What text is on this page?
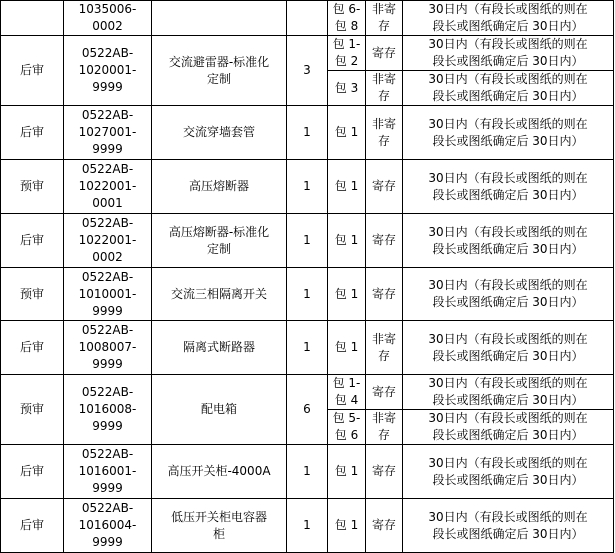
	1035006-
0002			包 6-
包 8	非寄
存	30日内（有段长或图纸的则在
段长或图纸确定后 30日内）
后审	0522AB-
1020001-
9999	交流避雷器-标准化
定制	3	包 1-
包 2	寄存	30日内（有段长或图纸的则在
段长或图纸确定后 30日内）
				包 3	非寄
存	30日内（有段长或图纸的则在
段长或图纸确定后 30日内）
后审	0522AB-
1027001-
9999	交流穿墙套管	1	包 1	非寄
存	30日内（有段长或图纸的则在
段长或图纸确定后 30日内）
预审	0522AB-
1022001-
0001	高压熔断器	1	包 1	寄存	30日内（有段长或图纸的则在
段长或图纸确定后 30日内）
后审	0522AB-
1022001-
0002	高压熔断器-标准化
定制	1	包 1	寄存	30日内（有段长或图纸的则在
段长或图纸确定后 30日内）
预审	0522AB-
1010001-
9999	交流三相隔离开关	1	包 1	寄存	30日内（有段长或图纸的则在
段长或图纸确定后 30日内）
后审	0522AB-
1008007-
9999	隔离式断路器	1	包 1	非寄
存	30日内（有段长或图纸的则在
段长或图纸确定后 30日内）
预审	0522AB-
1016008-
9999	配电箱	6	包 1-
包 4	寄存	30日内（有段长或图纸的则在
段长或图纸确定后 30日内）
				包 5-
包 6	非寄
存	30日内（有段长或图纸的则在
段长或图纸确定后 30日内）
后审	0522AB-
1016001-
9999	高压开关柜-4000A	1	包 1	寄存	30日内（有段长或图纸的则在
段长或图纸确定后 30日内）
后审	0522AB-
1016004-
9999	低压开关柜电容器
柜	1	包 1	寄存	30日内（有段长或图纸的则在
段长或图纸确定后 30日内）
